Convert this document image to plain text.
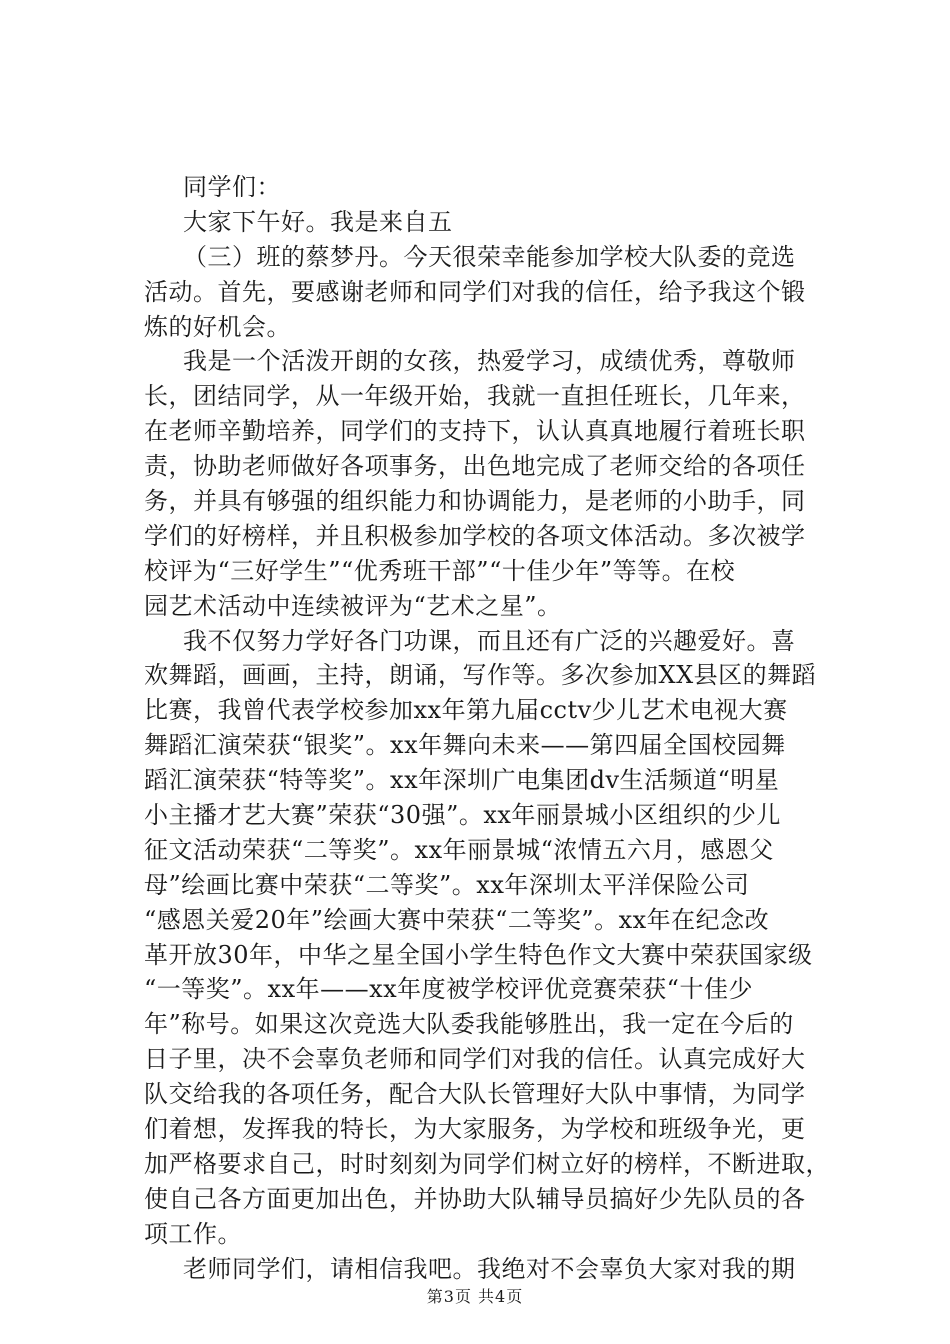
同学们：
大家下午好。我是来自五
（三）班的蔡梦丹。今天很荣幸能参加学校大队委的竞选
活动。首先，要感谢老师和同学们对我的信任，给予我这个锻
炼的好机会。
我是一个活泼开朗的女孩，热爱学习，成绩优秀，尊敬师
长，团结同学，从一年级开始，我就一直担任班长，几年来，
在老师辛勤培养，同学们的支持下，认认真真地履行着班长职
责，协助老师做好各项事务，出色地完成了老师交给的各项任
务，并具有够强的组织能力和协调能力，是老师的小助手，同
学们的好榜样，并且积极参加学校的各项文体活动。多次被学
校评为“三好学生”“优秀班干部”“十佳少年”等等。在校
园艺术活动中连续被评为“艺术之星”。
我不仅努力学好各门功课，而且还有广泛的兴趣爱好。喜
欢舞蹈，画画，主持，朗诵，写作等。多次参加XX县区的舞蹈
比赛，我曾代表学校参加xx年第九届cctv少儿艺术电视大赛
舞蹈汇演荣获“银奖”。xx年舞向未来——第四届全国校园舞
蹈汇演荣获“特等奖”。xx年深圳广电集团dv生活频道“明星
小主播才艺大赛”荣获“30强”。xx年丽景城小区组织的少儿
征文活动荣获“二等奖”。xx年丽景城“浓情五六月，感恩父
母”绘画比赛中荣获“二等奖”。xx年深圳太平洋保险公司
“感恩关爱20年”绘画大赛中荣获“二等奖”。xx年在纪念改
革开放30年，中华之星全国小学生特色作文大赛中荣获国家级
“一等奖”。xx年——xx年度被学校评优竞赛荣获“十佳少
年”称号。如果这次竞选大队委我能够胜出，我一定在今后的
日子里，决不会辜负老师和同学们对我的信任。认真完成好大
队交给我的各项任务，配合大队长管理好大队中事情，为同学
们着想，发挥我的特长，为大家服务，为学校和班级争光，更
加严格要求自己，时时刻刻为同学们树立好的榜样，不断进取，
使自己各方面更加出色，并协助大队辅导员搞好少先队员的各
项工作。
老师同学们，请相信我吧。我绝对不会辜负大家对我的期
第3页 共4页
